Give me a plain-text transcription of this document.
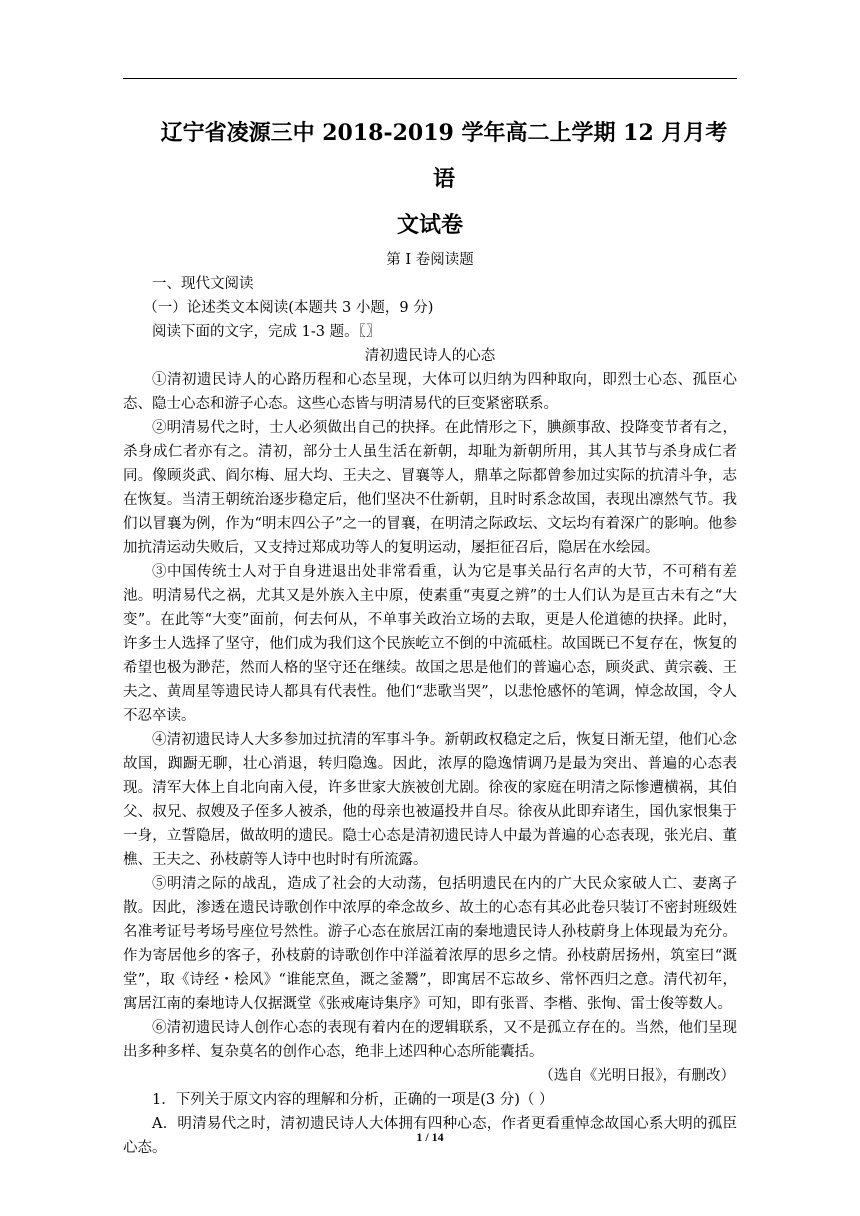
辽宁省凌源三中 2018-2019 学年高二上学期 12 月月考语
文试卷

第 I 卷阅读题

一、现代文阅读

（一）论述类文本阅读(本题共 3 小题，9 分)

阅读下面的文字，完成 1-3 题。〖〗

清初遗民诗人的心态

①清初遗民诗人的心路历程和心态呈现，大体可以归纳为四种取向，即烈士心态、孤臣心态、隐士心态和游子心态。这些心态皆与明清易代的巨变紧密联系。

②明清易代之时，士人必须做出自己的抉择。在此情形之下，腆颜事敌、投降变节者有之，杀身成仁者亦有之。清初，部分士人虽生活在新朝，却耻为新朝所用，其人其节与杀身成仁者同。像顾炎武、阎尔梅、屈大均、王夫之、冒襄等人，鼎革之际都曾参加过实际的抗清斗争，志在恢复。当清王朝统治逐步稳定后，他们坚决不仕新朝，且时时系念故国，表现出凛然气节。我们以冒襄为例，作为“明末四公子”之一的冒襄，在明清之际政坛、文坛均有着深广的影响。他参加抗清运动失败后，又支持过郑成功等人的复明运动，屡拒征召后，隐居在水绘园。

③中国传统士人对于自身进退出处非常看重，认为它是事关品行名声的大节，不可稍有差池。明清易代之祸，尤其又是外族入主中原，使素重“夷夏之辨”的士人们认为是亘古未有之“大变”。在此等“大变”面前，何去何从，不单事关政治立场的去取，更是人伦道德的抉择。此时，许多士人选择了坚守，他们成为我们这个民族屹立不倒的中流砥柱。故国既已不复存在，恢复的希望也极为渺茫，然而人格的坚守还在继续。故国之思是他们的普遍心态，顾炎武、黄宗羲、王夫之、黄周星等遗民诗人都具有代表性。他们“悲歌当哭”，以悲怆感怀的笔调，悼念故国，令人不忍卒读。

④清初遗民诗人大多参加过抗清的军事斗争。新朝政权稳定之后，恢复日渐无望，他们心念故国，踟蹰无聊，壮心消退，转归隐逸。因此，浓厚的隐逸情调乃是最为突出、普遍的心态表现。清军大体上自北向南入侵，许多世家大族被创尤剧。徐夜的家庭在明清之际惨遭横祸，其伯父、叔兄、叔嫂及子侄多人被杀，他的母亲也被逼投井自尽。徐夜从此即弃诸生，国仇家恨集于一身，立誓隐居，做故明的遗民。隐士心态是清初遗民诗人中最为普遍的心态表现，张光启、董樵、王夫之、孙枝蔚等人诗中也时时有所流露。

⑤明清之际的战乱，造成了社会的大动荡，包括明遗民在内的广大民众家破人亡、妻离子散。因此，渗透在遗民诗歌创作中浓厚的牵念故乡、故土的心态有其必此卷只装订不密封班级姓名准考证号考场号座位号然性。游子心态在旅居江南的秦地遗民诗人孙枝蔚身上体现最为充分。作为寄居他乡的客子，孙枝蔚的诗歌创作中洋溢着浓厚的思乡之情。孙枝蔚居扬州，筑室曰“溉堂”，取《诗经・桧风》“谁能烹鱼，溉之釜鬵”，即寓居不忘故乡、常怀西归之意。清代初年，寓居江南的秦地诗人仅据溉堂《张戒庵诗集序》可知，即有张晋、李楷、张恂、雷士俊等数人。

⑥清初遗民诗人创作心态的表现有着内在的逻辑联系，又不是孤立存在的。当然，他们呈现出多种多样、复杂莫名的创作心态，绝非上述四种心态所能囊括。

（选自《光明日报》，有删改）

1．下列关于原文内容的理解和分析，正确的一项是(3 分)（ ）

A．明清易代之时，清初遗民诗人大体拥有四种心态，作者更看重悼念故国心系大明的孤臣心态。

1 / 14
